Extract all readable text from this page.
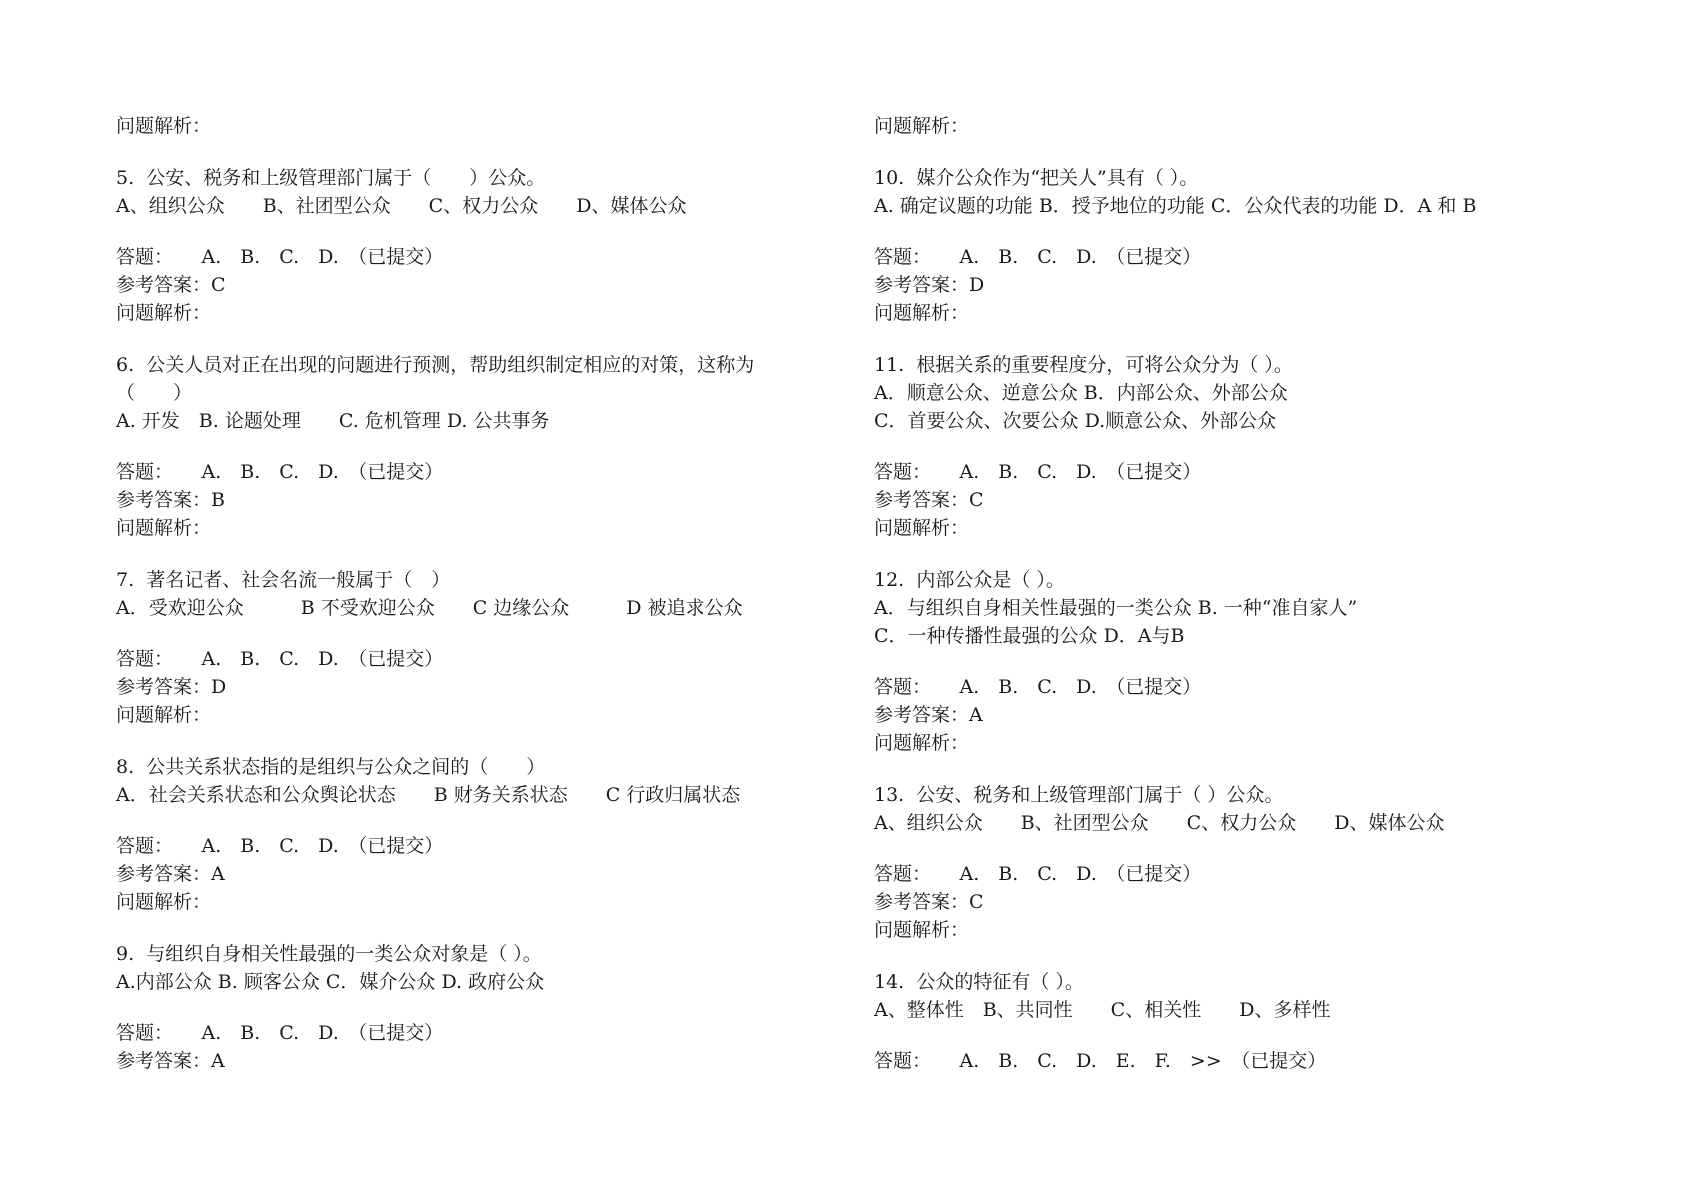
问题解析：
5. 公安、税务和上级管理部门属于（　　）公众。
A、组织公众　　B、社团型公众　　C、权力公众　　D、媒体公众
答题：　　A.　B.　C.　D.　（已提交）
参考答案：C
问题解析：
6. 公关人员对正在出现的问题进行预测，帮助组织制定相应的对策，这称为
（　　）
A. 开发　B. 论题处理　　C. 危机管理 D. 公共事务
答题：　　A.　B.　C.　D.　（已提交）
参考答案：B
问题解析：
7. 著名记者、社会名流一般属于（　）
A．受欢迎公众　　　B 不受欢迎公众　　C 边缘公众　　　D 被追求公众
答题：　　A.　B.　C.　D.　（已提交）
参考答案：D
问题解析：
8. 公共关系状态指的是组织与公众之间的（　　）
A．社会关系状态和公众舆论状态　　B 财务关系状态　　C 行政归属状态
答题：　　A.　B.　C.　D.　（已提交）
参考答案：A
问题解析：
9. 与组织自身相关性最强的一类公众对象是（ ）。
A.内部公众 B. 顾客公众 C．媒介公众 D. 政府公众
答题：　　A.　B.　C.　D.　（已提交）
参考答案：A
问题解析：
10. 媒介公众作为“把关人”具有（ ）。
A. 确定议题的功能 B．授予地位的功能 C．公众代表的功能 D．A 和 B
答题：　　A.　B.　C.　D.　（已提交）
参考答案：D
问题解析：
11. 根据关系的重要程度分，可将公众分为（ ）。
A．顺意公众、逆意公众 B．内部公众、外部公众
C．首要公众、次要公众 D.顺意公众、外部公众
答题：　　A.　B.　C.　D.　（已提交）
参考答案：C
问题解析：
12. 内部公众是（ ）。
A．与组织自身相关性最强的一类公众 B. 一种“准自家人”
C．一种传播性最强的公众 D．A与B
答题：　　A.　B.　C.　D.　（已提交）
参考答案：A
问题解析：
13. 公安、税务和上级管理部门属于（ ）公众。
A、组织公众　　B、社团型公众　　C、权力公众　　D、媒体公众
答题：　　A.　B.　C.　D.　（已提交）
参考答案：C
问题解析：
14. 公众的特征有（ ）。
A、整体性　B、共同性　　C、相关性　　D、多样性
答题：　　A.　B.　C.　D.　E.　F.　>>　（已提交）
